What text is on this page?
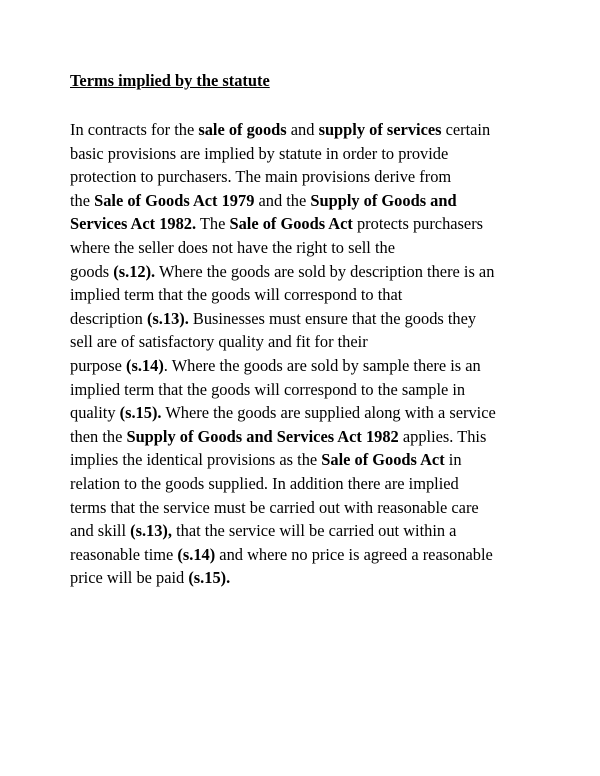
Terms implied by the statute
In contracts for the sale of goods and supply of services certain
basic provisions are implied by statute in order to provide
protection to purchasers. The main provisions derive from
the Sale of Goods Act 1979 and the Supply of Goods and
Services Act 1982. The Sale of Goods Act protects purchasers
where the seller does not have the right to sell the
goods (s.12). Where the goods are sold by description there is an
implied term that the goods will correspond to that
description (s.13). Businesses must ensure that the goods they
sell are of satisfactory quality and fit for their
purpose (s.14). Where the goods are sold by sample there is an
implied term that the goods will correspond to the sample in
quality (s.15). Where the goods are supplied along with a service
then the Supply of Goods and Services Act 1982 applies. This
implies the identical provisions as the Sale of Goods Act in
relation to the goods supplied. In addition there are implied
terms that the service must be carried out with reasonable care
and skill (s.13), that the service will be carried out within a
reasonable time (s.14) and where no price is agreed a reasonable
price will be paid (s.15).
